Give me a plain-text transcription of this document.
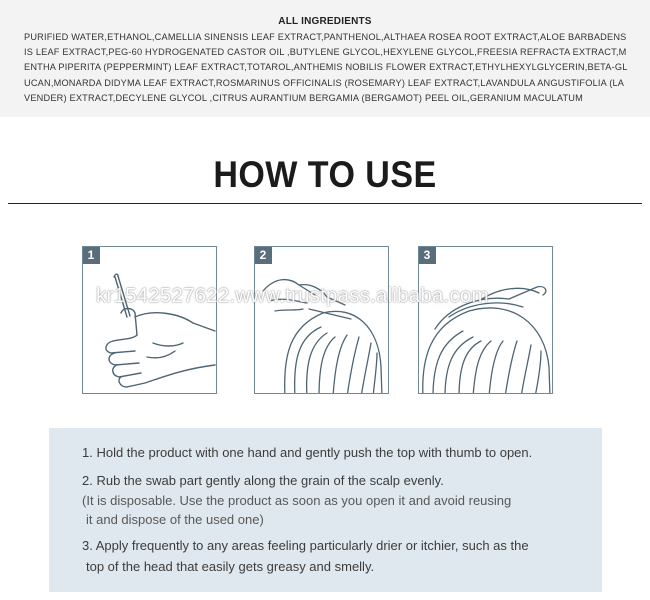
ALL INGREDIENTS
PURIFIED WATER,ETHANOL,CAMELLIA SINENSIS LEAF EXTRACT,PANTHENOL,ALTHAEA ROSEA ROOT EXTRACT,ALOE BARBADENSIS LEAF EXTRACT,PEG-60 HYDROGENATED CASTOR OIL ,BUTYLENE GLYCOL,HEXYLENE GLYCOL,FREESIA REFRACTA EXTRACT,MENTHA PIPERITA (PEPPERMINT) LEAF EXTRACT,TOTAROL,ANTHEMIS NOBILIS FLOWER EXTRACT,ETHYLHEXYLGLYCERIN,BETA-GLUCAN,MONARDA DIDYMA LEAF EXTRACT,ROSMARINUS OFFICINALIS (ROSEMARY) LEAF EXTRACT,LAVANDULA ANGUSTIFOLIA (LAVENDER) EXTRACT,DECYLENE GLYCOL ,CITRUS AURANTIUM BERGAMIA (BERGAMOT) PEEL OIL,GERANIUM MACULATUM
HOW TO USE
1	2	3
kr1542527622.www.trustpass.alibaba.com
1. Hold the product with one hand and gently push the top with thumb to open.
2. Rub the swab part gently along the grain of the scalp evenly.
(It is disposable. Use the product as soon as you open it and avoid reusing
it and dispose of the used one)
3. Apply frequently to any areas feeling particularly drier or itchier, such as the
top of the head that easily gets greasy and smelly.
